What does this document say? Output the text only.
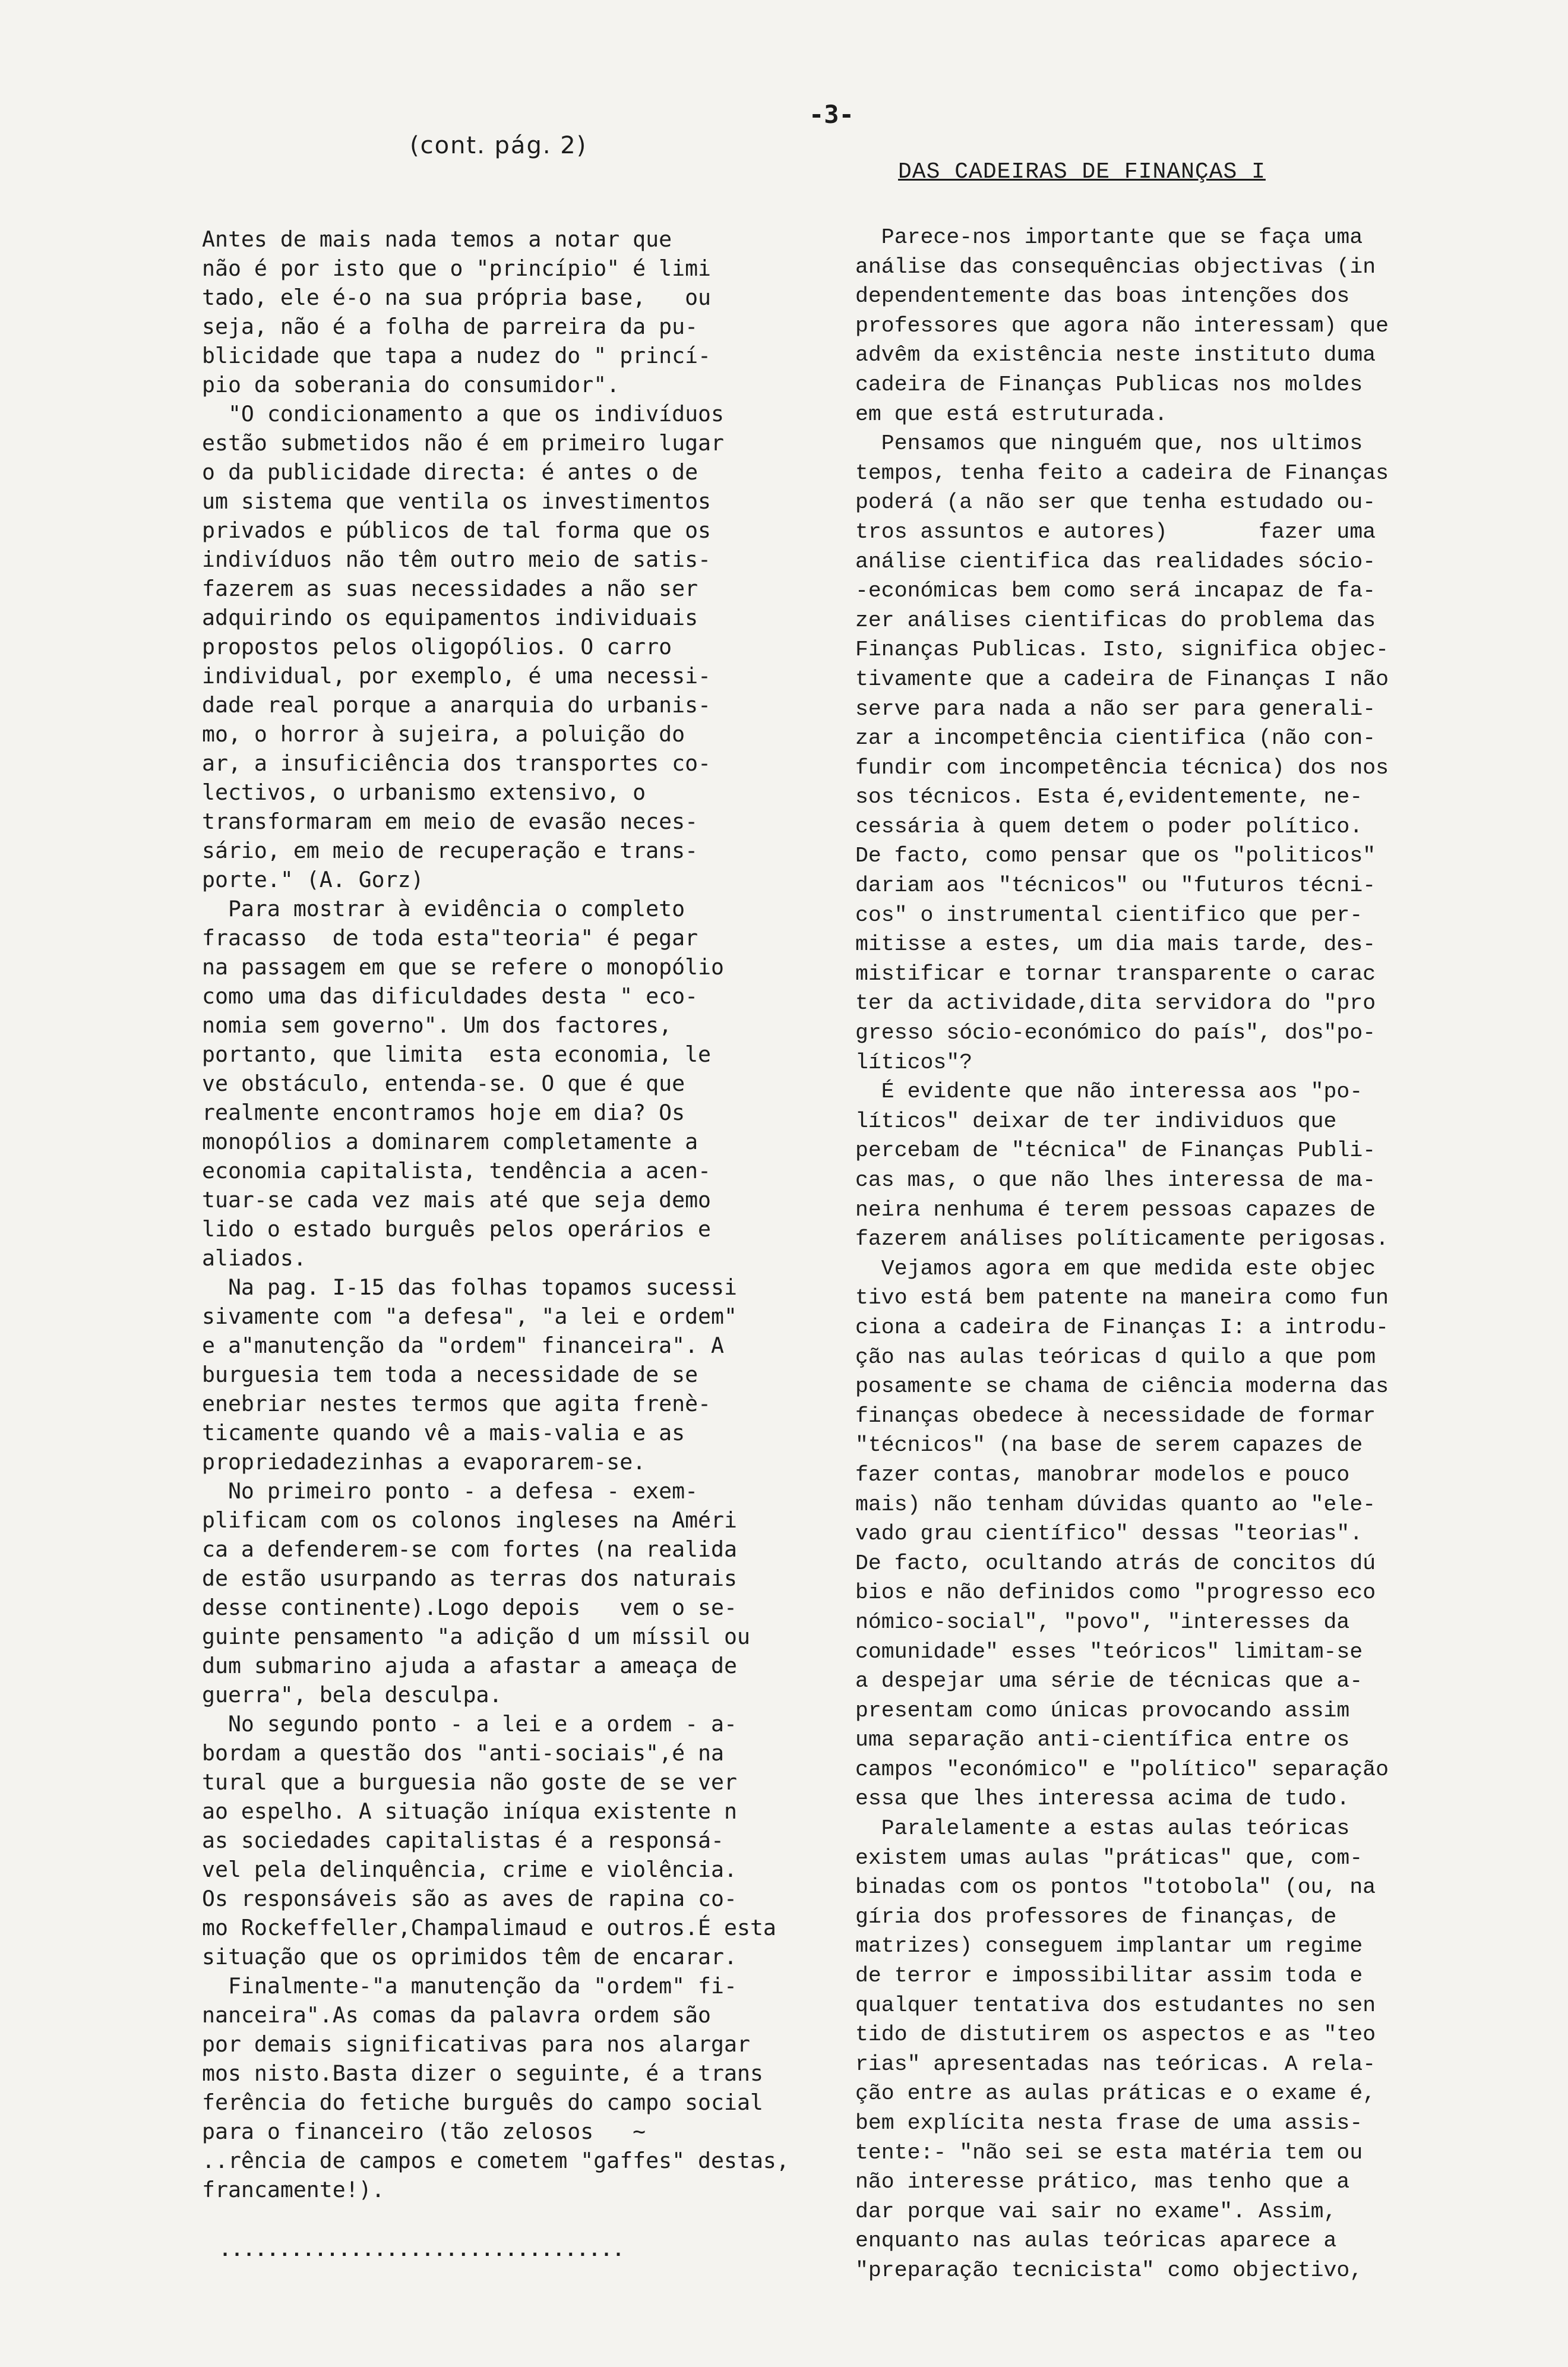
-3-
(cont. pág. 2)
Antes de mais nada temos a notar que
não é por isto que o "princípio" é limi
tado, ele é-o na sua própria base,   ou
seja, não é a folha de parreira da pu-
blicidade que tapa a nudez do " princí-
pio da soberania do consumidor".
"O condicionamento a que os indivíduos
estão submetidos não é em primeiro lugar
o da publicidade directa: é antes o de
um sistema que ventila os investimentos
privados e públicos de tal forma que os
indivíduos não têm outro meio de satis-
fazerem as suas necessidades a não ser
adquirindo os equipamentos individuais
propostos pelos oligopólios. O carro
individual, por exemplo, é uma necessi-
dade real porque a anarquia do urbanis-
mo, o horror à sujeira, a poluição do
ar, a insuficiência dos transportes co-
lectivos, o urbanismo extensivo, o
transformaram em meio de evasão neces-
sário, em meio de recuperação e trans-
porte." (A. Gorz)
Para mostrar à evidência o completo
fracasso  de toda esta"teoria" é pegar
na passagem em que se refere o monopólio
como uma das dificuldades desta " eco-
nomia sem governo". Um dos factores,
portanto, que limita  esta economia, le
ve obstáculo, entenda-se. O que é que
realmente encontramos hoje em dia? Os
monopólios a dominarem completamente a
economia capitalista, tendência a acen-
tuar-se cada vez mais até que seja demo
lido o estado burguês pelos operários e
aliados.
Na pag. I-15 das folhas topamos sucessi
sivamente com "a defesa", "a lei e ordem"
e a"manutenção da "ordem" financeira". A
burguesia tem toda a necessidade de se
enebriar nestes termos que agita frenè-
ticamente quando vê a mais-valia e as
propriedadezinhas a evaporarem-se.
No primeiro ponto - a defesa - exem-
plificam com os colonos ingleses na Améri
ca a defenderem-se com fortes (na realida
de estão usurpando as terras dos naturais
desse continente).Logo depois   vem o se-
guinte pensamento "a adição d um míssil ou
dum submarino ajuda a afastar a ameaça de
guerra", bela desculpa.
No segundo ponto - a lei e a ordem - a-
bordam a questão dos "anti-sociais",é na
tural que a burguesia não goste de se ver
ao espelho. A situação iníqua existente n
as sociedades capitalistas é a responsá-
vel pela delinquência, crime e violência.
Os responsáveis são as aves de rapina co-
mo Rockeffeller,Champalimaud e outros.É esta
situação que os oprimidos têm de encarar.
Finalmente-"a manutenção da "ordem" fi-
nanceira".As comas da palavra ordem são
por demais significativas para nos alargar
mos nisto.Basta dizer o seguinte, é a trans
ferência do fetiche burguês do campo social
para o financeiro (tão zelosos   ~
..rência de campos e cometem "gaffes" destas,
francamente!).
DAS CADEIRAS DE FINANÇAS I
Parece-nos importante que se faça uma
análise das consequências objectivas (in
dependentemente das boas intenções dos
professores que agora não interessam) que
advêm da existência neste instituto duma
cadeira de Finanças Publicas nos moldes
em que está estruturada.
Pensamos que ninguém que, nos ultimos
tempos, tenha feito a cadeira de Finanças
poderá (a não ser que tenha estudado ou-
tros assuntos e autores)       fazer uma
análise cientifica das realidades sócio-
-económicas bem como será incapaz de fa-
zer análises cientificas do problema das
Finanças Publicas. Isto, significa objec-
tivamente que a cadeira de Finanças I não
serve para nada a não ser para generali-
zar a incompetência cientifica (não con-
fundir com incompetência técnica) dos nos
sos técnicos. Esta é,evidentemente, ne-
cessária à quem detem o poder político.
De facto, como pensar que os "politicos"
dariam aos "técnicos" ou "futuros técni-
cos" o instrumental cientifico que per-
mitisse a estes, um dia mais tarde, des-
mistificar e tornar transparente o carac
ter da actividade,dita servidora do "pro
gresso sócio-económico do país", dos"po-
líticos"?
É evidente que não interessa aos "po-
líticos" deixar de ter individuos que
percebam de "técnica" de Finanças Publi-
cas mas, o que não lhes interessa de ma-
neira nenhuma é terem pessoas capazes de
fazerem análises políticamente perigosas.
Vejamos agora em que medida este objec
tivo está bem patente na maneira como fun
ciona a cadeira de Finanças I: a introdu-
ção nas aulas teóricas d quilo a que pom
posamente se chama de ciência moderna das
finanças obedece à necessidade de formar
"técnicos" (na base de serem capazes de
fazer contas, manobrar modelos e pouco
mais) não tenham dúvidas quanto ao "ele-
vado grau científico" dessas "teorias".
De facto, ocultando atrás de concitos dú
bios e não definidos como "progresso eco
nómico-social", "povo", "interesses da
comunidade" esses "teóricos" limitam-se
a despejar uma série de técnicas que a-
presentam como únicas provocando assim
uma separação anti-científica entre os
campos "económico" e "político" separação
essa que lhes interessa acima de tudo.
Paralelamente a estas aulas teóricas
existem umas aulas "práticas" que, com-
binadas com os pontos "totobola" (ou, na
gíria dos professores de finanças, de
matrizes) conseguem implantar um regime
de terror e impossibilitar assim toda e
qualquer tentativa dos estudantes no sen
tido de distutirem os aspectos e as "teo
rias" apresentadas nas teóricas. A rela-
ção entre as aulas práticas e o exame é,
bem explícita nesta frase de uma assis-
tente:- "não sei se esta matéria tem ou
não interesse prático, mas tenho que a
dar porque vai sair no exame". Assim,
enquanto nas aulas teóricas aparece a
"preparação tecnicista" como objectivo,
..................................
